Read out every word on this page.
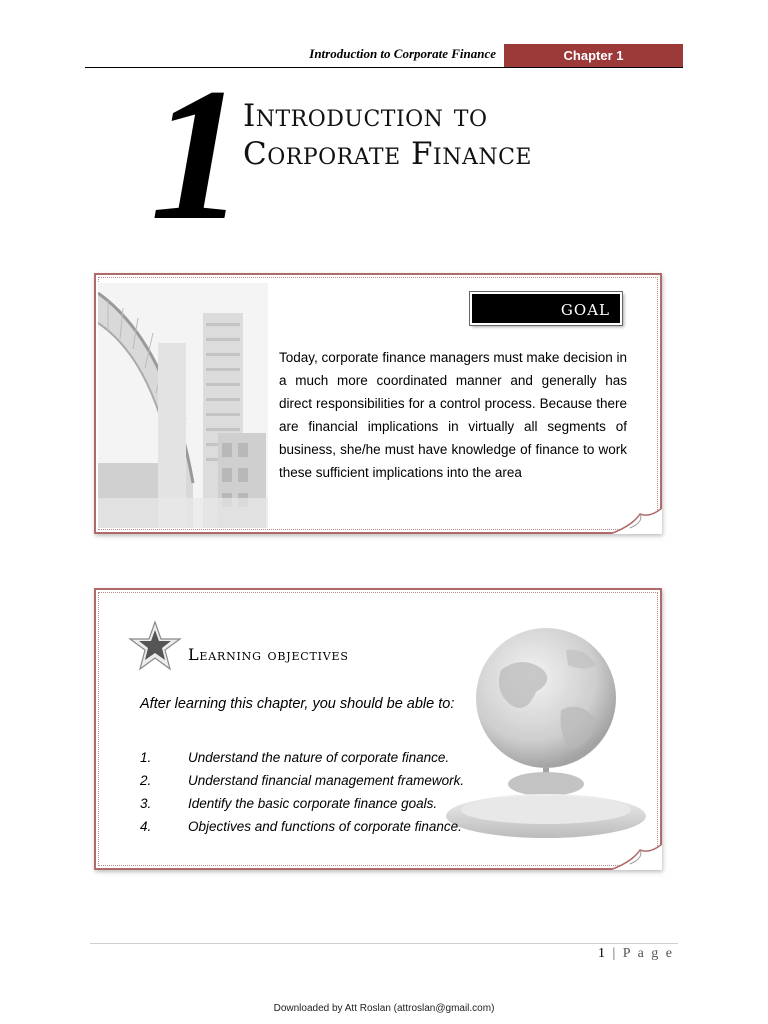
Introduction to Corporate Finance	Chapter 1
1 Introduction to
Corporate Finance
GOAL
Today, corporate finance managers must make decision in a much more coordinated manner and generally has direct responsibilities for a control process. Because there are financial implications in virtually all segments of business, she/he must have knowledge of finance to work these sufficient implications into the area
Learning objectives
After learning this chapter, you should be able to:
1.	Understand the nature of corporate finance.
2.	Understand financial management framework.
3.	Identify the basic corporate finance goals.
4.	Objectives and functions of corporate finance.
1 | P a g e
Downloaded by Att Roslan (attroslan@gmail.com)
